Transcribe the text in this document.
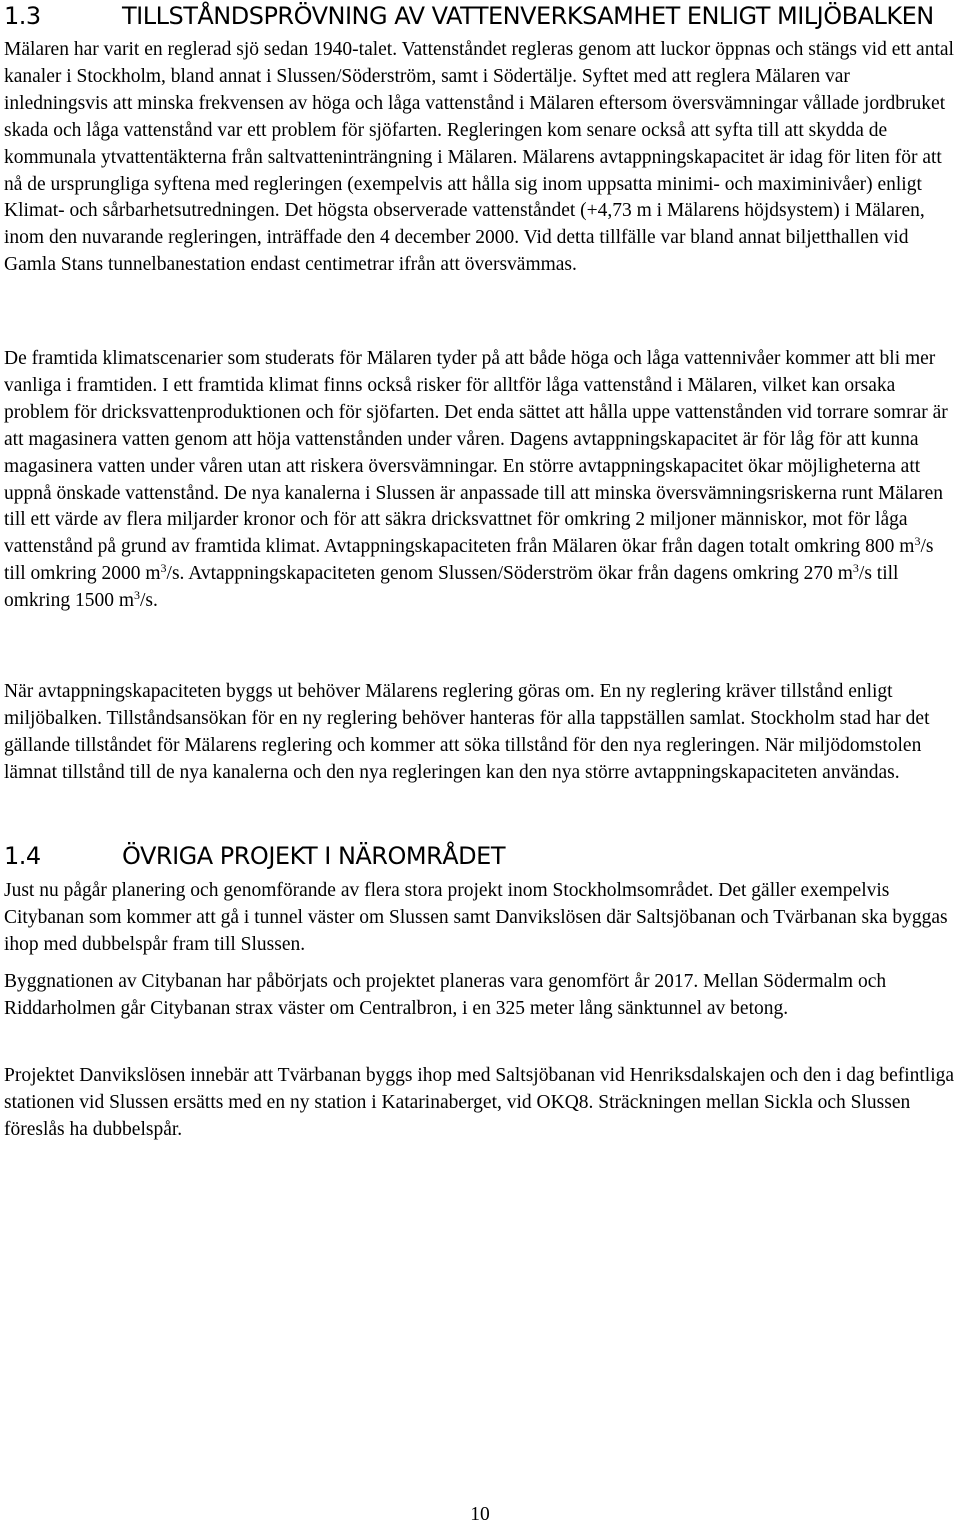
1.3	TILLSTÅNDSPRÖVNING AV VATTENVERKSAMHET ENLIGT MILJÖBALKEN

Mälaren har varit en reglerad sjö sedan 1940-talet. Vattenståndet regleras genom att luckor öppnas och stängs vid ett antal kanaler i Stockholm, bland annat i Slussen/Söderström, samt i Södertälje. Syftet med att reglera Mälaren var inledningsvis att minska frekvensen av höga och låga vattenstånd i Mälaren eftersom översvämningar vållade jordbruket skada och låga vattenstånd var ett problem för sjöfarten. Regleringen kom senare också att syfta till att skydda de kommunala ytvattentäkterna från saltvatteninträngning i Mälaren. Mälarens avtappningskapacitet är idag för liten för att nå de ursprungliga syftena med regleringen (exempelvis att hålla sig inom uppsatta minimi- och maximinivåer) enligt Klimat- och sårbarhetsutredningen. Det högsta observerade vattenståndet (+4,73 m i Mälarens höjdsystem) i Mälaren, inom den nuvarande regleringen, inträffade den 4 december 2000. Vid detta tillfälle var bland annat biljetthallen vid Gamla Stans tunnelbanestation endast centimetrar ifrån att översvämmas.

De framtida klimatscenarier som studerats för Mälaren tyder på att både höga och låga vattennivåer kommer att bli mer vanliga i framtiden. I ett framtida klimat finns också risker för alltför låga vattenstånd i Mälaren, vilket kan orsaka problem för dricksvattenproduktionen och för sjöfarten. Det enda sättet att hålla uppe vattenstånden vid torrare somrar är att magasinera vatten genom att höja vattenstånden under våren. Dagens avtappningskapacitet är för låg för att kunna magasinera vatten under våren utan att riskera översvämningar. En större avtappningskapacitet ökar möjligheterna att uppnå önskade vattenstånd. De nya kanalerna i Slussen är anpassade till att minska översvämningsriskerna runt Mälaren till ett värde av flera miljarder kronor och för att säkra dricksvattnet för omkring 2 miljoner människor, mot för låga vattenstånd på grund av framtida klimat. Avtappningskapaciteten från Mälaren ökar från dagen totalt omkring 800 $m^3/s$ till omkring 2000 $m^3/s$. Avtappningskapaciteten genom Slussen/Söderström ökar från dagens omkring 270 $m^3/s$ till omkring 1500 $m^3/s$.

När avtappningskapaciteten byggs ut behöver Mälarens reglering göras om. En ny reglering kräver tillstånd enligt miljöbalken. Tillståndsansökan för en ny reglering behöver hanteras för alla tappställen samlat. Stockholm stad har det gällande tillståndet för Mälarens reglering och kommer att söka tillstånd för den nya regleringen. När miljödomstolen lämnat tillstånd till de nya kanalerna och den nya regleringen kan den nya större avtappningskapaciteten användas.

1.4	ÖVRIGA PROJEKT I NÄROMRÅDET

Just nu pågår planering och genomförande av flera stora projekt inom Stockholmsområdet. Det gäller exempelvis Citybanan som kommer att gå i tunnel väster om Slussen samt Danvikslösen där Saltsjöbanan och Tvärbanan ska byggas ihop med dubbelspår fram till Slussen.

Byggnationen av Citybanan har påbörjats och projektet planeras vara genomfört år 2017. Mellan Södermalm och Riddarholmen går Citybanan strax väster om Centralbron, i en 325 meter lång sänktunnel av betong.

Projektet Danvikslösen innebär att Tvärbanan byggs ihop med Saltsjöbanan vid Henriksdalskajen och den i dag befintliga stationen vid Slussen ersätts med en ny station i Katarinaberget, vid OKQ8. Sträckningen mellan Sickla och Slussen föreslås ha dubbelspår.

10
